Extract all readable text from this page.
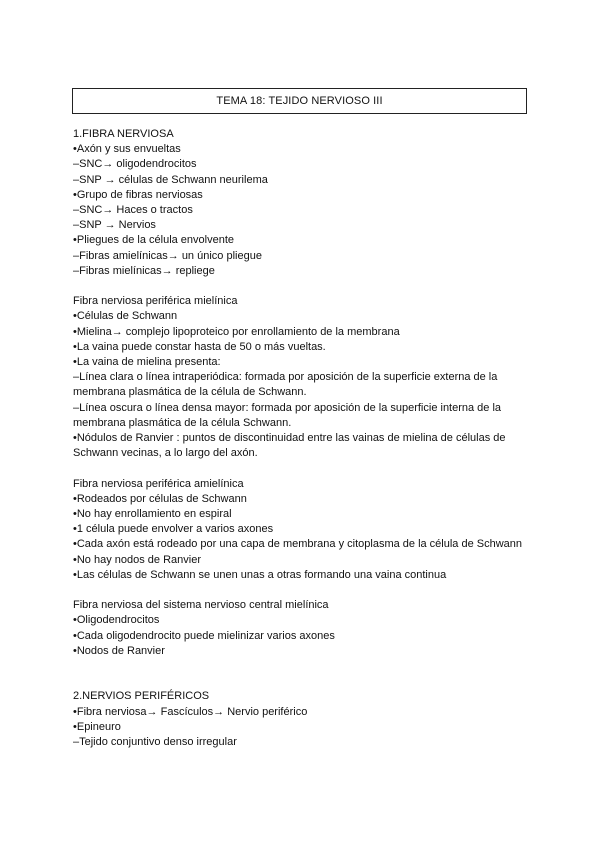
TEMA 18: TEJIDO NERVIOSO III
1.FIBRA NERVIOSA
•Axón y sus envueltas
–SNC→ oligodendrocitos
–SNP → células de Schwann neurilema
•Grupo de fibras nerviosas
–SNC→ Haces o tractos
–SNP → Nervios
•Pliegues de la célula envolvente
–Fibras amielínicas→ un único pliegue
–Fibras mielínicas→ repliege
Fibra nerviosa periférica mielínica
•Células de Schwann
•Mielina→ complejo lipoproteico por enrollamiento de la membrana
•La vaina puede constar hasta de 50 o más vueltas.
•La vaina de mielina presenta:
–Línea clara o línea intraperiódica: formada por aposición de la superficie externa de la
membrana plasmática de la célula de Schwann.
–Línea oscura o línea densa mayor: formada por aposición de la superficie interna de la
membrana plasmática de la célula Schwann.
•Nódulos de Ranvier : puntos de discontinuidad entre las vainas de mielina de células de
Schwann vecinas, a lo largo del axón.
Fibra nerviosa periférica amielínica
•Rodeados por células de Schwann
•No hay enrollamiento en espiral
•1 célula puede envolver a varios axones
•Cada axón está rodeado por una capa de membrana y citoplasma de la célula de Schwann
•No hay nodos de Ranvier
•Las células de Schwann se unen unas a otras formando una vaina continua
Fibra nerviosa del sistema nervioso central mielínica
•Oligodendrocitos
•Cada oligodendrocito puede mielinizar varios axones
•Nodos de Ranvier
2.NERVIOS PERIFÉRICOS
•Fibra nerviosa→ Fascículos→ Nervio periférico
•Epineuro
–Tejido conjuntivo denso irregular
